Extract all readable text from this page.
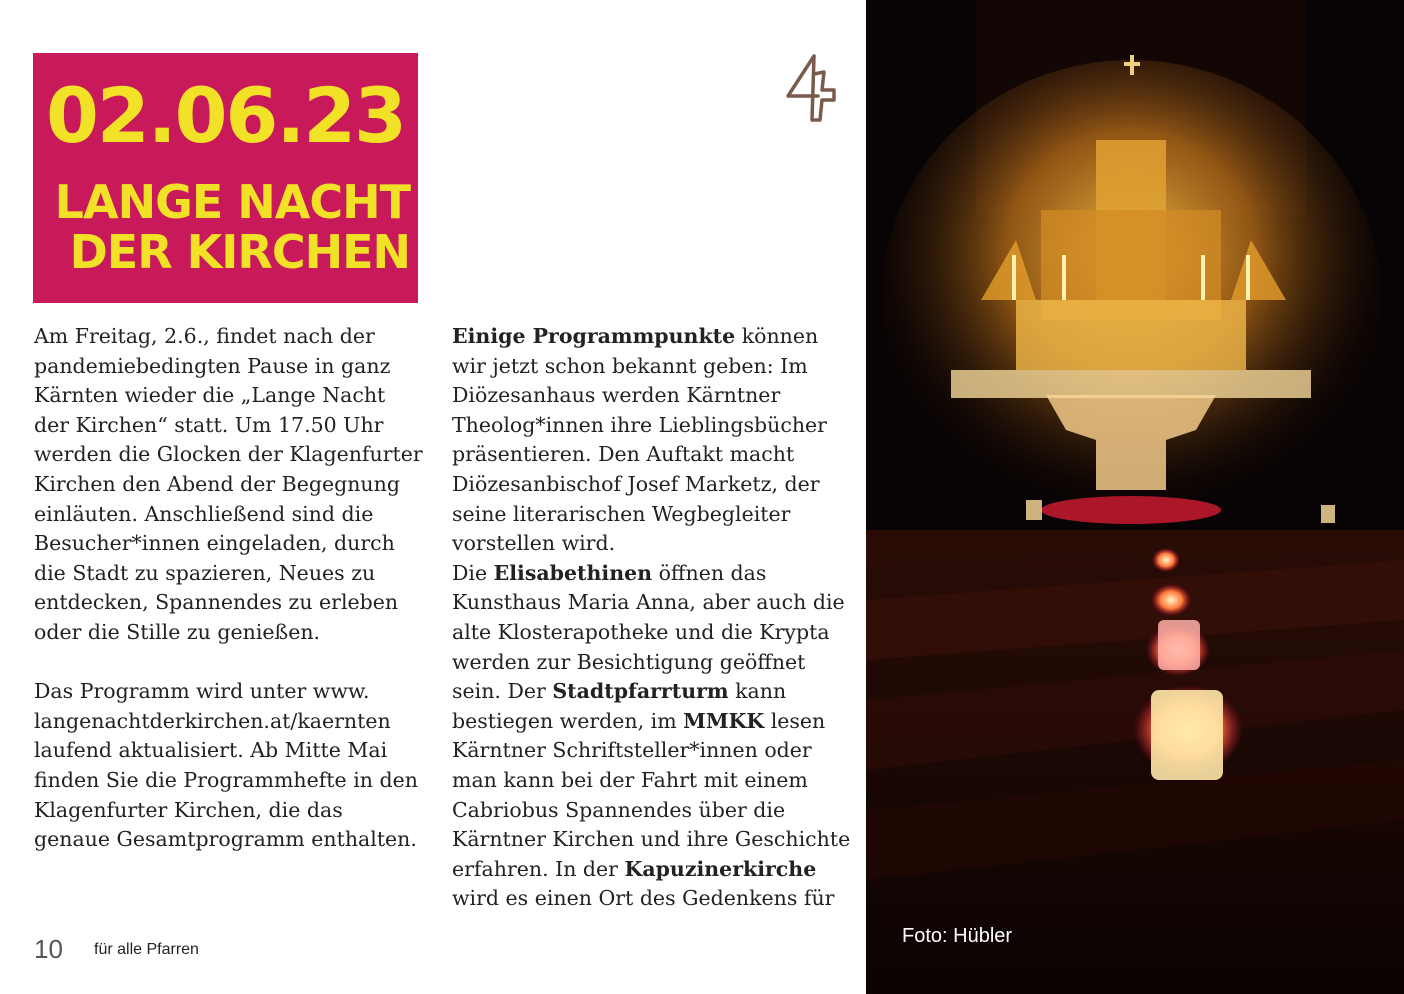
02.06.23
LANGE NACHT
DER KIRCHEN

Am Freitag, 2.6., findet nach der pandemiebedingten Pause in ganz Kärnten wieder die „Lange Nacht der Kirchen“ statt. Um 17.50 Uhr werden die Glocken der Klagenfurter Kirchen den Abend der Begegnung einläuten. Anschließend sind die Besucher*innen eingeladen, durch die Stadt zu spazieren, Neues zu entdecken, Spannendes zu erleben oder die Stille zu genießen.

Das Programm wird unter www. langenachtderkirchen.at/kaernten laufend aktualisiert. Ab Mitte Mai finden Sie die Programmhefte in den Klagenfurter Kirchen, die das genaue Gesamtprogramm enthalten.

Einige Programmpunkte können wir jetzt schon bekannt geben: Im Diözesanhaus werden Kärntner Theolog*innen ihre Lieblingsbücher präsentieren. Den Auftakt macht Diözesanbischof Josef Marketz, der seine literarischen Wegbegleiter vorstellen wird.

Die Elisabethinen öffnen das Kunsthaus Maria Anna, aber auch die alte Klosterapotheke und die Krypta werden zur Besichtigung geöffnet sein. Der Stadtpfarrturm kann bestiegen werden, im MMKK lesen Kärntner Schriftsteller*innen oder man kann bei der Fahrt mit einem Cabriobus Spannendes über die Kärntner Kirchen und ihre Geschichte erfahren. In der Kapuzinerkirche wird es einen Ort des Gedenkens für

10 für alle Pfarren
Foto: Hübler
